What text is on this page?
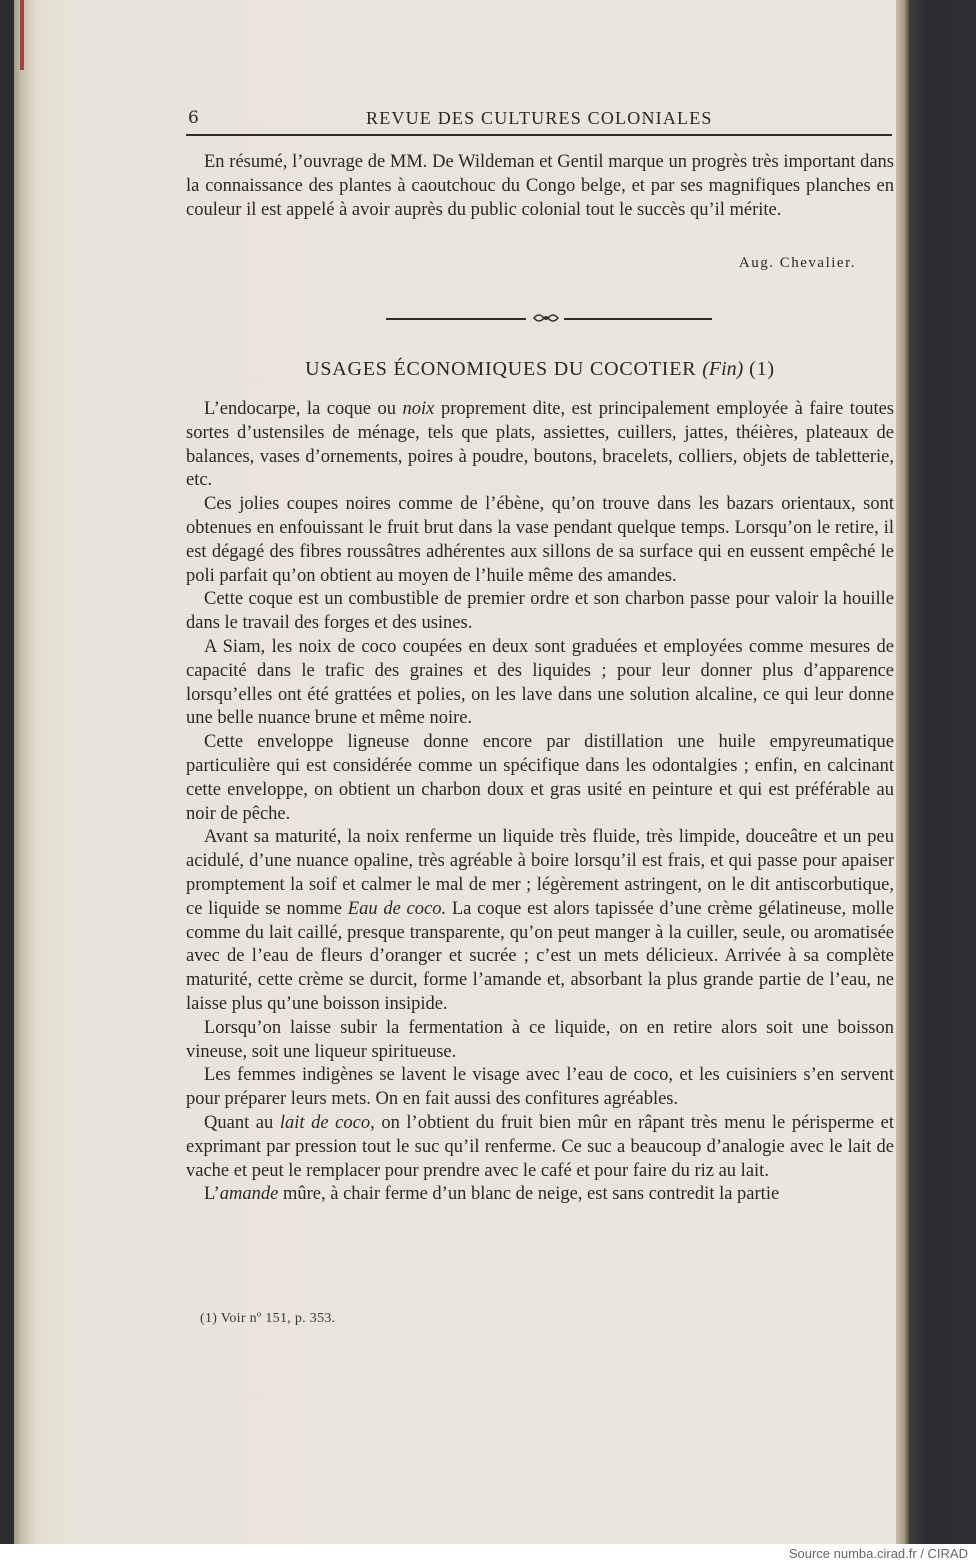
6	REVUE DES CULTURES COLONIALES

En résumé, l’ouvrage de MM. De Wildeman et Gentil marque un progrès très important dans la connaissance des plantes à caoutchouc du Congo belge, et par ses magnifiques planches en couleur il est appelé à avoir auprès du public colonial tout le succès qu’il mérite.

Aug. Chevalier.
USAGES ÉCONOMIQUES DU COCOTIER (Fin) (1)

L’endocarpe, la coque ou noix proprement dite, est principalement employée à faire toutes sortes d’ustensiles de ménage, tels que plats, assiettes, cuillers, jattes, théières, plateaux de balances, vases d’ornements, poires à poudre, boutons, bracelets, colliers, objets de tabletterie, etc.

Ces jolies coupes noires comme de l’ébène, qu’on trouve dans les bazars orientaux, sont obtenues en enfouissant le fruit brut dans la vase pendant quelque temps. Lorsqu’on le retire, il est dégagé des fibres roussâtres adhérentes aux sillons de sa surface qui en eussent empêché le poli parfait qu’on obtient au moyen de l’huile même des amandes.

Cette coque est un combustible de premier ordre et son charbon passe pour valoir la houille dans le travail des forges et des usines.

A Siam, les noix de coco coupées en deux sont graduées et employées comme mesures de capacité dans le trafic des graines et des liquides ; pour leur donner plus d’apparence lorsqu’elles ont été grattées et polies, on les lave dans une solution alcaline, ce qui leur donne une belle nuance brune et même noire.

Cette enveloppe ligneuse donne encore par distillation une huile empyreumatique particulière qui est considérée comme un spécifique dans les odontalgies ; enfin, en calcinant cette enveloppe, on obtient un charbon doux et gras usité en peinture et qui est préférable au noir de pêche.

Avant sa maturité, la noix renferme un liquide très fluide, très limpide, douceâtre et un peu acidulé, d’une nuance opaline, très agréable à boire lorsqu’il est frais, et qui passe pour apaiser promptement la soif et calmer le mal de mer ; légèrement astringent, on le dit antiscorbutique, ce liquide se nomme Eau de coco. La coque est alors tapissée d’une crème gélatineuse, molle comme du lait caillé, presque transparente, qu’on peut manger à la cuiller, seule, ou aromatisée avec de l’eau de fleurs d’oranger et sucrée ; c’est un mets délicieux. Arrivée à sa complète maturité, cette crème se durcit, forme l’amande et, absorbant la plus grande partie de l’eau, ne laisse plus qu’une boisson insipide.

Lorsqu’on laisse subir la fermentation à ce liquide, on en retire alors soit une boisson vineuse, soit une liqueur spiritueuse.

Les femmes indigènes se lavent le visage avec l’eau de coco, et les cuisiniers s’en servent pour préparer leurs mets. On en fait aussi des confitures agréables.

Quant au lait de coco, on l’obtient du fruit bien mûr en râpant très menu le périsperme et exprimant par pression tout le suc qu’il renferme. Ce suc a beaucoup d’analogie avec le lait de vache et peut le remplacer pour prendre avec le café et pour faire du riz au lait.

L’amande mûre, à chair ferme d’un blanc de neige, est sans contredit la partie

(1) Voir nº 151, p. 353.
Source numba.cirad.fr / CIRAD
